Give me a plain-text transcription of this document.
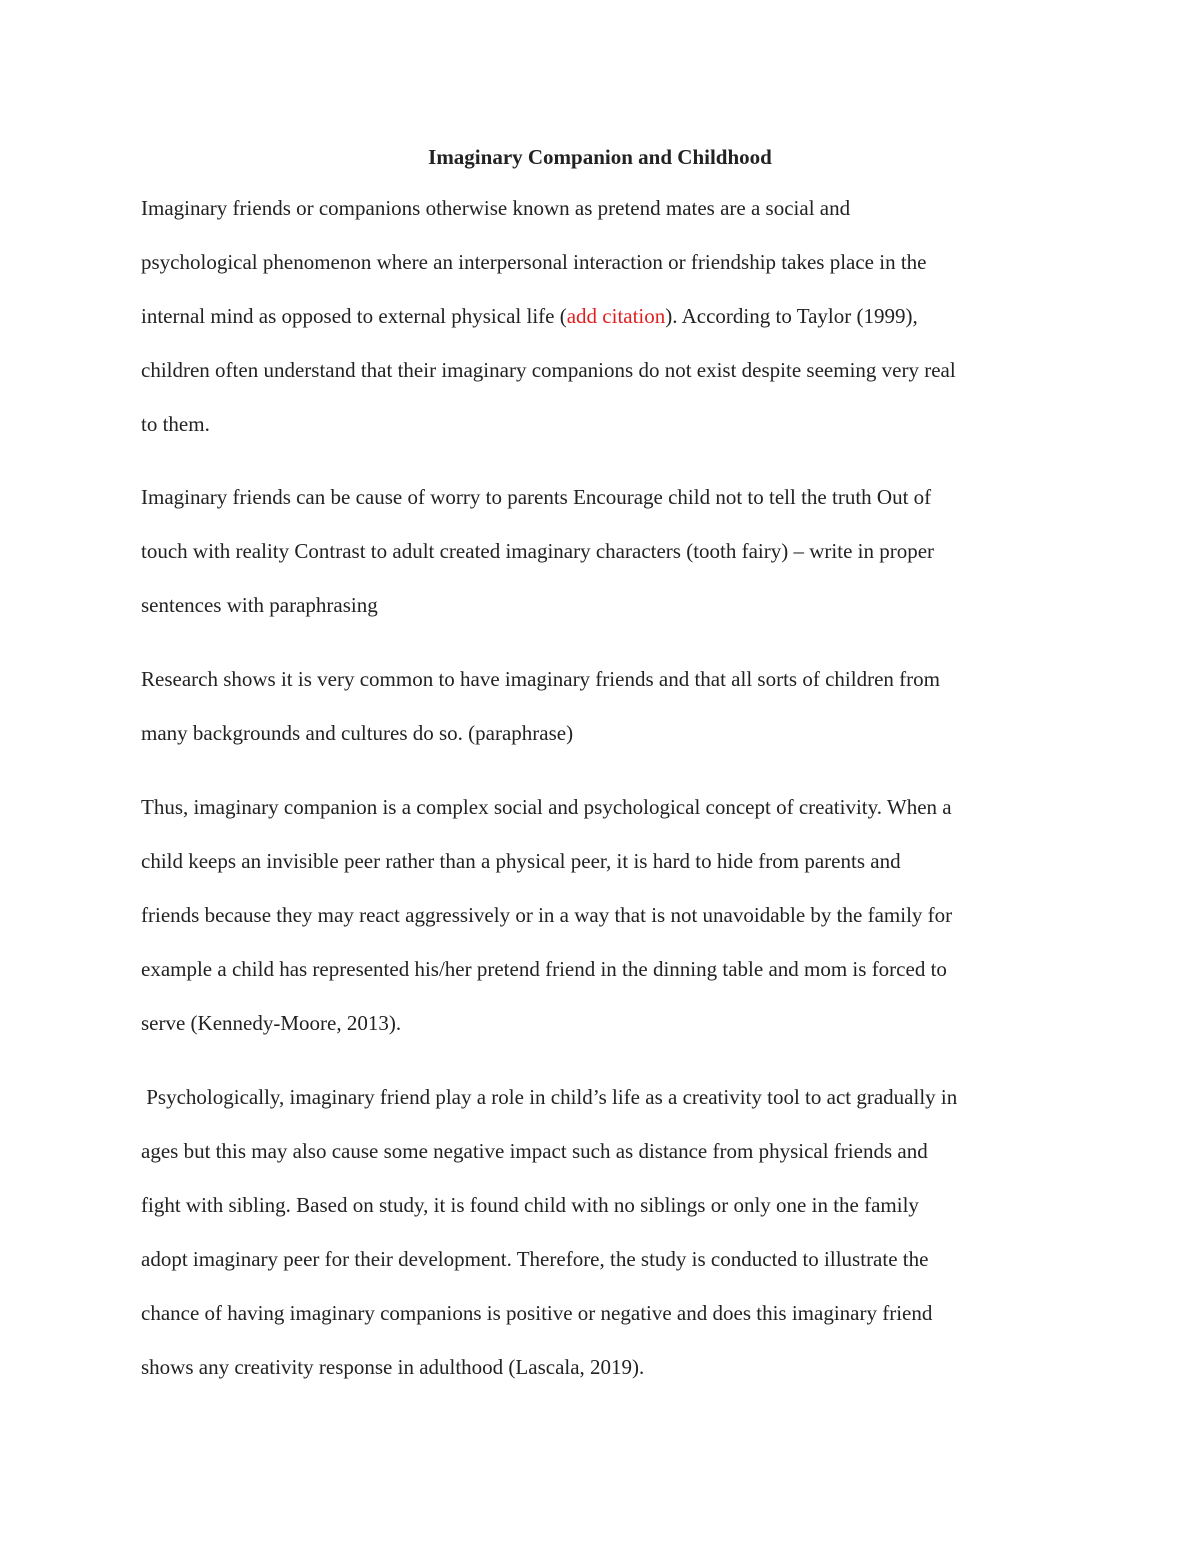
Imaginary Companion and Childhood
Imaginary friends or companions otherwise known as pretend mates are a social and
psychological phenomenon where an interpersonal interaction or friendship takes place in the
internal mind as opposed to external physical life (add citation). According to Taylor (1999),
children often understand that their imaginary companions do not exist despite seeming very real
to them.
Imaginary friends can be cause of worry to parents Encourage child not to tell the truth Out of
touch with reality Contrast to adult created imaginary characters (tooth fairy) – write in proper
sentences with paraphrasing
Research shows it is very common to have imaginary friends and that all sorts of children from
many backgrounds and cultures do so. (paraphrase)
Thus, imaginary companion is a complex social and psychological concept of creativity. When a
child keeps an invisible peer rather than a physical peer, it is hard to hide from parents and
friends because they may react aggressively or in a way that is not unavoidable by the family for
example a child has represented his/her pretend friend in the dinning table and mom is forced to
serve (Kennedy-Moore, 2013).
Psychologically, imaginary friend play a role in child’s life as a creativity tool to act gradually in
ages but this may also cause some negative impact such as distance from physical friends and
fight with sibling. Based on study, it is found child with no siblings or only one in the family
adopt imaginary peer for their development. Therefore, the study is conducted to illustrate the
chance of having imaginary companions is positive or negative and does this imaginary friend
shows any creativity response in adulthood (Lascala, 2019).
